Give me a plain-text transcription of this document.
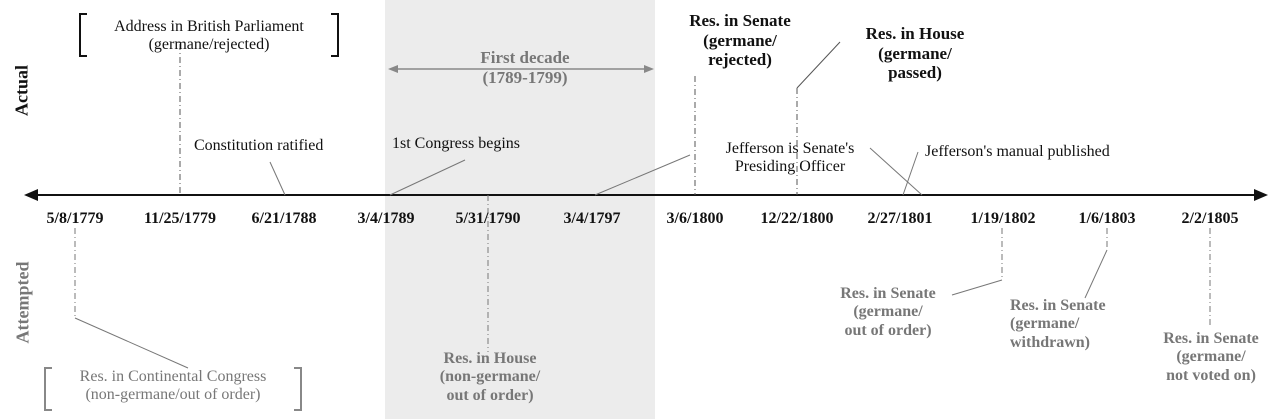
Actual
Attempted
First decade
(1789-1799)
Address in British Parliament
(germane/rejected)
Res. in Senate
(germane/
rejected)
Res. in House
(germane/
passed)
Constitution ratified	1st Congress begins	Jefferson is Senate's
Presiding Officer
Jefferson's manual published
5/8/1779	11/25/1779 6/21/1788	3/4/1789	5/31/1790	3/4/1797	3/6/1800 12/22/1800 2/27/1801 1/19/1802	1/6/1803	2/2/1805
Res. in Continental Congress
(non-germane/out of order)
Res. in House
(non-germane/
out of order)
Res. in Senate
(germane/
out of order)
Res. in Senate
(germane/
withdrawn)	Res. in Senate
(germane/
not voted on)
